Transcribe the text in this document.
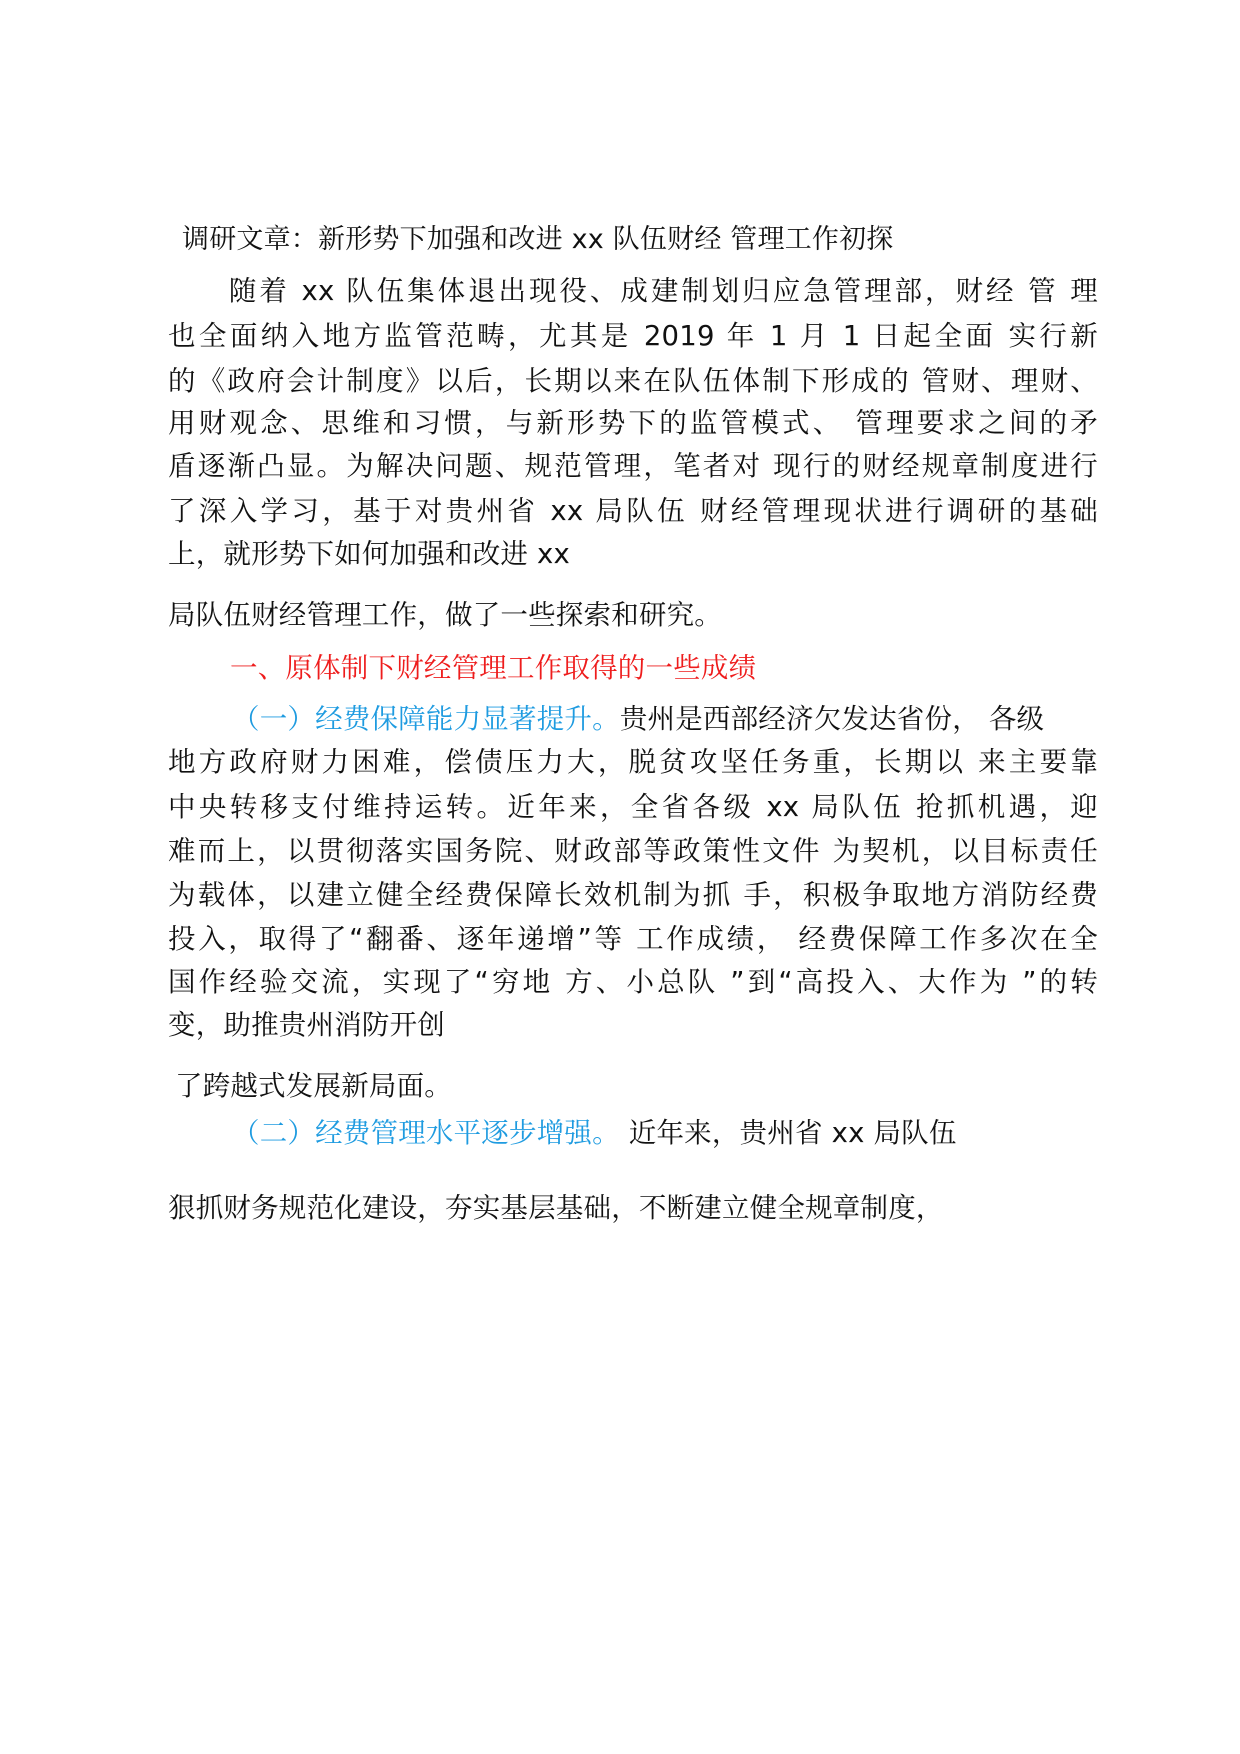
调研文章：新形势下加强和改进 xx 队伍财经 管理工作初探
　　随着 xx 队伍集体退出现役、成建制划归应急管理部，财经 管 理
也全面纳入地方监管范畴，尤其是 2019 年 1 月 1 日起全面 实行新
的《政府会计制度》以后，长期以来在队伍体制下形成的 管财、理财、
用财观念、思维和习惯，与新形势下的监管模式、 管理要求之间的矛
盾逐渐凸显。为解决问题、规范管理，笔者对 现行的财经规章制度进行
了深入学习，基于对贵州省 xx 局队伍 财经管理现状进行调研的基础
上，就形势下如何加强和改进 xx
局队伍财经管理工作，做了一些探索和研究。
一、原体制下财经管理工作取得的一些成绩
（一）经费保障能力显著提升。贵州是西部经济欠发达省份， 各级
地方政府财力困难，偿债压力大，脱贫攻坚任务重，长期以 来主要靠
中央转移支付维持运转。近年来，全省各级 xx 局队伍 抢抓机遇，迎
难而上，以贯彻落实国务院、财政部等政策性文件 为契机，以目标责任
为载体，以建立健全经费保障长效机制为抓 手，积极争取地方消防经费
投入，取得了“翻番、逐年递增”等 工作成绩， 经费保障工作多次在全
国作经验交流，实现了“穷地 方、小总队 ”到“高投入、大作为 ”的转
变，助推贵州消防开创
了跨越式发展新局面。
（二）经费管理水平逐步增强。 近年来，贵州省 xx 局队伍
狠抓财务规范化建设，夯实基层基础，不断建立健全规章制度，
